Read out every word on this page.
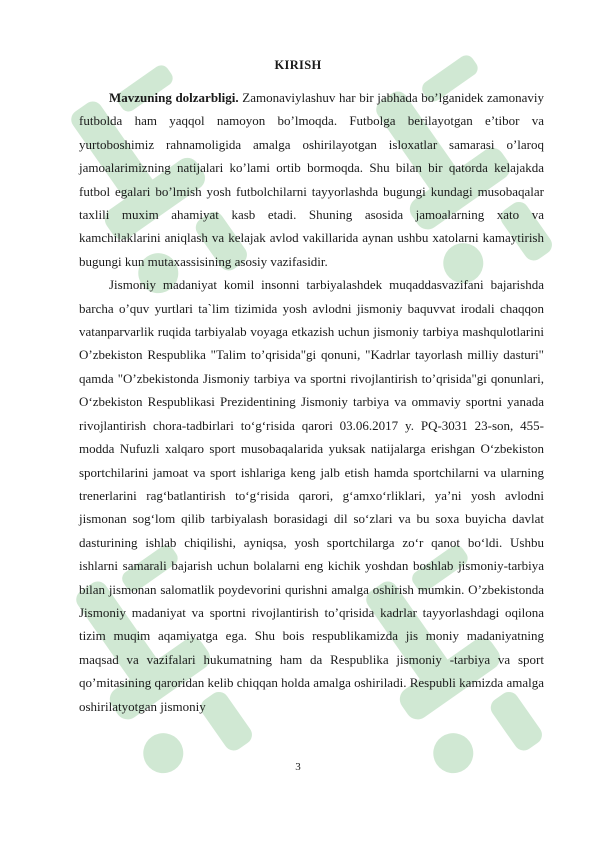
KIRISH

Mavzuning dolzarbligi. Zamonaviylashuv har bir jabhada bo’lganidek zamonaviy futbolda ham yaqqol namoyon bo’lmoqda. Futbolga berilayotgan e’tibor va yurtoboshimiz rahnamoligida amalga oshirilayotgan isloxatlar samarasi o’laroq jamoalarimizning natijalari ko’lami ortib bormoqda. Shu bilan bir qatorda kelajakda futbol egalari bo’lmish yosh futbolchilarni tayyorlashda bugungi kundagi musobaqalar taxlili muxim ahamiyat kasb etadi. Shuning asosida jamoalarning xato va kamchilaklarini aniqlash va kelajak avlod vakillarida aynan ushbu xatolarni kamaytirish bugungi kun mutaxassisining asosiy vazifasidir.

Jismoniy madaniyat komil insonni tarbiyalashdek muqaddasvazifani bajarishda barcha o’quv yurtlari ta`lim tizimida yosh avlodni jismoniy baquvvat irodali chaqqon vatanparvarlik ruqida tarbiyalab voyaga etkazish uchun jismoniy tarbiya mashqulotlarini O’zbekiston Respublika "Talim to’qrisida"gi qonuni, "Kadrlar tayorlash milliy dasturi" qamda "O’zbekistonda Jismoniy tarbiya va sportni rivojlantirish to’qrisida"gi qonunlari, O‘zbekiston Respublikasi Prezidentining Jismoniy tarbiya va ommaviy sportni yanada rivojlantirish chora-tadbirlari to‘g‘risida qarori 03.06.2017 y. PQ-3031 23-son, 455- modda Nufuzli xalqaro sport musobaqalarida yuksak natijalarga erishgan O‘zbekiston sportchilarini jamoat va sport ishlariga keng jalb etish hamda sportchilarni va ularning trenerlarini rag‘batlantirish to‘g‘risida qarori, g‘amxo‘rliklari, ya’ni yosh avlodni jismonan sog‘lom qilib tarbiyalash borasidagi dil so‘zlari va bu soxa buyicha davlat dasturining ishlab chiqilishi, ayniqsa, yosh sportchilarga zo‘r qanot bo‘ldi. Ushbu ishlarni samarali bajarish uchun bolalarni eng kichik yoshdan boshlab jismoniy-tarbiya bilan jismonan salomatlik poydevorini qurishni amalga oshirish mumkin. O’zbekistonda Jismoniy madaniyat va sportni rivojlantirish to’qrisida kadrlar tayyorlashdagi oqilona tizim muqim aqamiyatga ega. Shu bois respublikamizda jis moniy madaniyatning maqsad va vazifalari hukumatning ham da Respublika jismoniy -tarbiya va sport qo’mitasining qaroridan kelib chiqqan holda amalga oshiriladi. Respubli kamizda amalga oshirilatyotgan jismoniy

3
